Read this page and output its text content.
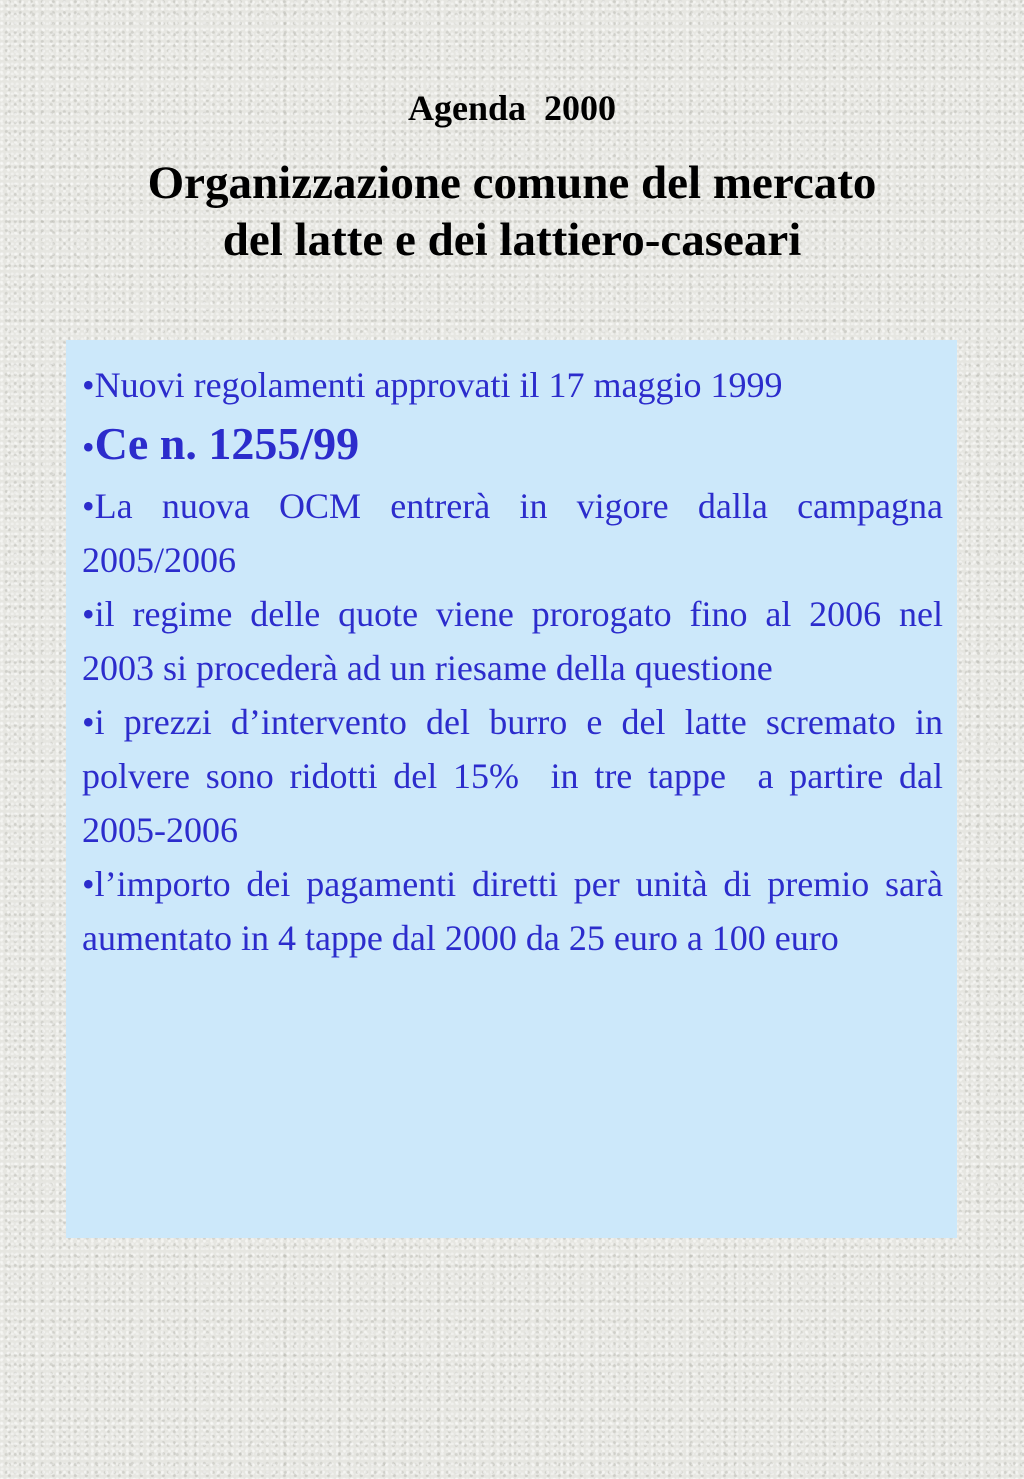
Agenda  2000
Organizzazione comune del mercato
del latte e dei lattiero-caseari
•Nuovi regolamenti approvati il 17 maggio 1999
•Ce n. 1255/99
•La nuova OCM entrerà in vigore dalla campagna 2005/2006
•il regime delle quote viene prorogato fino al 2006 nel 2003 si procederà ad un riesame della questione
•i prezzi d’intervento del burro e del latte scremato in polvere sono ridotti del 15%  in tre tappe  a partire dal 2005-2006
•l’importo dei pagamenti diretti per unità di premio sarà aumentato in 4 tappe dal 2000 da 25 euro a 100 euro
